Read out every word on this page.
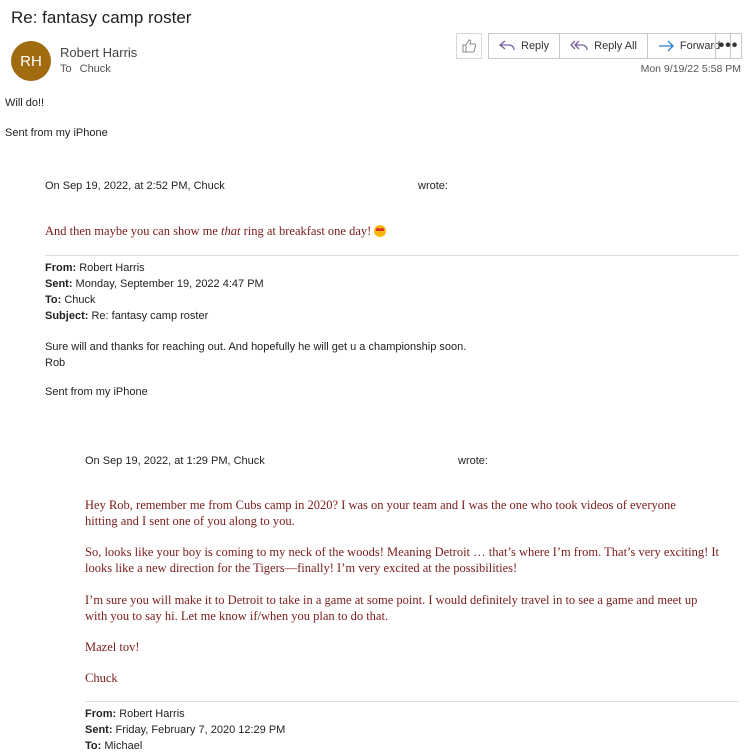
Re: fantasy camp roster
RH	Robert Harris
To Chuck
Reply	Reply All	Forward
•••
Mon 9/19/22 5:58 PM
Will do!!
Sent from my iPhone
On Sep 19, 2022, at 2:52 PM, Chuck	wrote:
And then maybe you can show me that ring at breakfast one day!
From: Robert Harris
Sent: Monday, September 19, 2022 4:47 PM
To: Chuck
Subject: Re: fantasy camp roster
Sure will and thanks for reaching out. And hopefully he will get u a championship soon.
Rob
Sent from my iPhone
On Sep 19, 2022, at 1:29 PM, Chuck	wrote:
Hey Rob, remember me from Cubs camp in 2020? I was on your team and I was the one who took videos of everyone
hitting and I sent one of you along to you.
So, looks like your boy is coming to my neck of the woods! Meaning Detroit … that’s where I’m from. That’s very exciting! It
looks like a new direction for the Tigers—finally! I’m very excited at the possibilities!
I’m sure you will make it to Detroit to take in a game at some point. I would definitely travel in to see a game and meet up
with you to say hi. Let me know if/when you plan to do that.
Mazel tov!
Chuck
From: Robert Harris
Sent: Friday, February 7, 2020 12:29 PM
To: Michael
